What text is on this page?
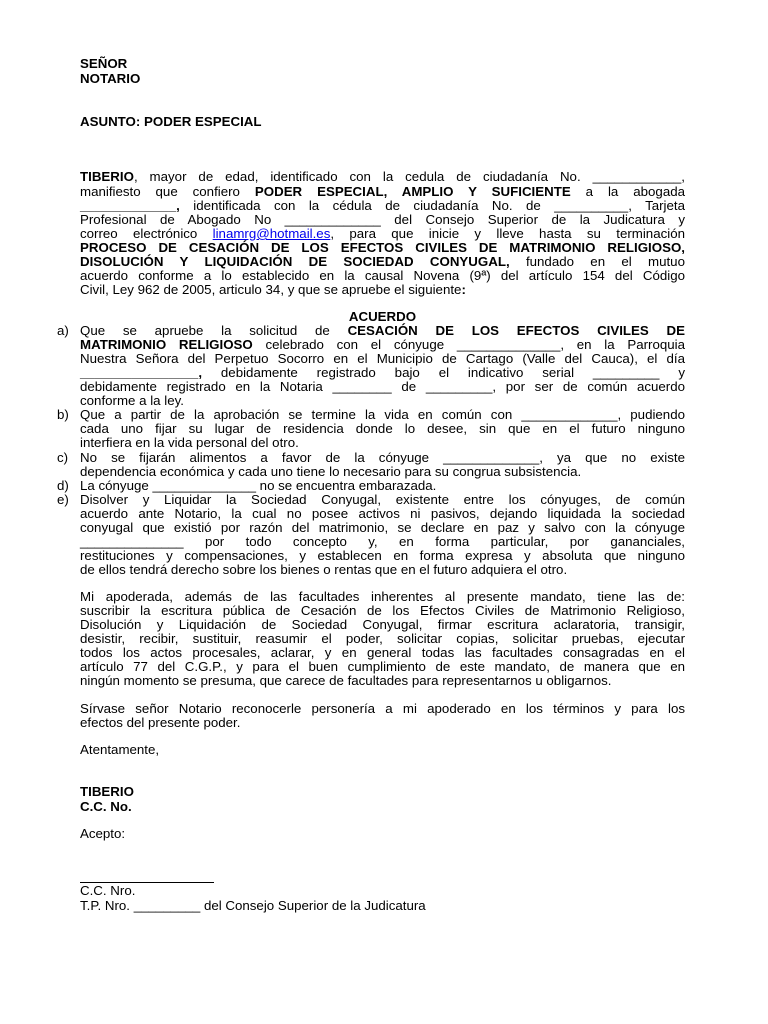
SEÑOR
NOTARIO
ASUNTO: PODER ESPECIAL
TIBERIO, mayor de edad, identificado con la cedula de ciudadanía No. ____________,
manifiesto que confiero PODER ESPECIAL, AMPLIO Y SUFICIENTE a la abogada
_____________, identificada con la cédula de ciudadanía No. de __________, Tarjeta
Profesional de Abogado No _____________ del Consejo Superior de la Judicatura y
correo electrónico linamrg@hotmail.es, para que inicie y lleve hasta su terminación
PROCESO DE CESACIÓN DE LOS EFECTOS CIVILES DE MATRIMONIO RELIGIOSO,
DISOLUCIÓN Y LIQUIDACIÓN DE SOCIEDAD CONYUGAL, fundado en el mutuo
acuerdo conforme a lo establecido en la causal Novena (9ª) del artículo 154 del Código
Civil, Ley 962 de 2005, articulo 34, y que se apruebe el siguiente:
ACUERDO
a) Que se apruebe la solicitud de CESACIÓN DE LOS EFECTOS CIVILES DE
MATRIMONIO RELIGIOSO celebrado con el cónyuge ______________, en la Parroquia
Nuestra Señora del Perpetuo Socorro en el Municipio de Cartago (Valle del Cauca), el día
________________, debidamente registrado bajo el indicativo serial _________ y
debidamente registrado en la Notaria ________ de _________, por ser de común acuerdo
conforme a la ley.
b) Que a partir de la aprobación se termine la vida en común con _____________, pudiendo
cada uno fijar su lugar de residencia donde lo desee, sin que en el futuro ninguno
interfiera en la vida personal del otro.
c) No se fijarán alimentos a favor de la cónyuge _____________, ya que no existe
dependencia económica y cada uno tiene lo necesario para su congrua subsistencia.
d) La cónyuge ______________ no se encuentra embarazada.
e) Disolver y Liquidar la Sociedad Conyugal, existente entre los cónyuges, de común
acuerdo ante Notario, la cual no posee activos ni pasivos, dejando liquidada la sociedad
conyugal que existió por razón del matrimonio, se declare en paz y salvo con la cónyuge
______________ por todo concepto y, en forma particular, por gananciales,
restituciones y compensaciones, y establecen en forma expresa y absoluta que ninguno
de ellos tendrá derecho sobre los bienes o rentas que en el futuro adquiera el otro.
Mi apoderada, además de las facultades inherentes al presente mandato, tiene las de:
suscribir la escritura pública de Cesación de los Efectos Civiles de Matrimonio Religioso,
Disolución y Liquidación de Sociedad Conyugal, firmar escritura aclaratoria, transigir,
desistir, recibir, sustituir, reasumir el poder, solicitar copias, solicitar pruebas, ejecutar
todos los actos procesales, aclarar, y en general todas las facultades consagradas en el
artículo 77 del C.G.P., y para el buen cumplimiento de este mandato, de manera que en
ningún momento se presuma, que carece de facultades para representarnos u obligarnos.
Sírvase señor Notario reconocerle personería a mi apoderado en los términos y para los
efectos del presente poder.
Atentamente,
TIBERIO
C.C. No.
Acepto:
C.C. Nro.
T.P. Nro. _________ del Consejo Superior de la Judicatura
